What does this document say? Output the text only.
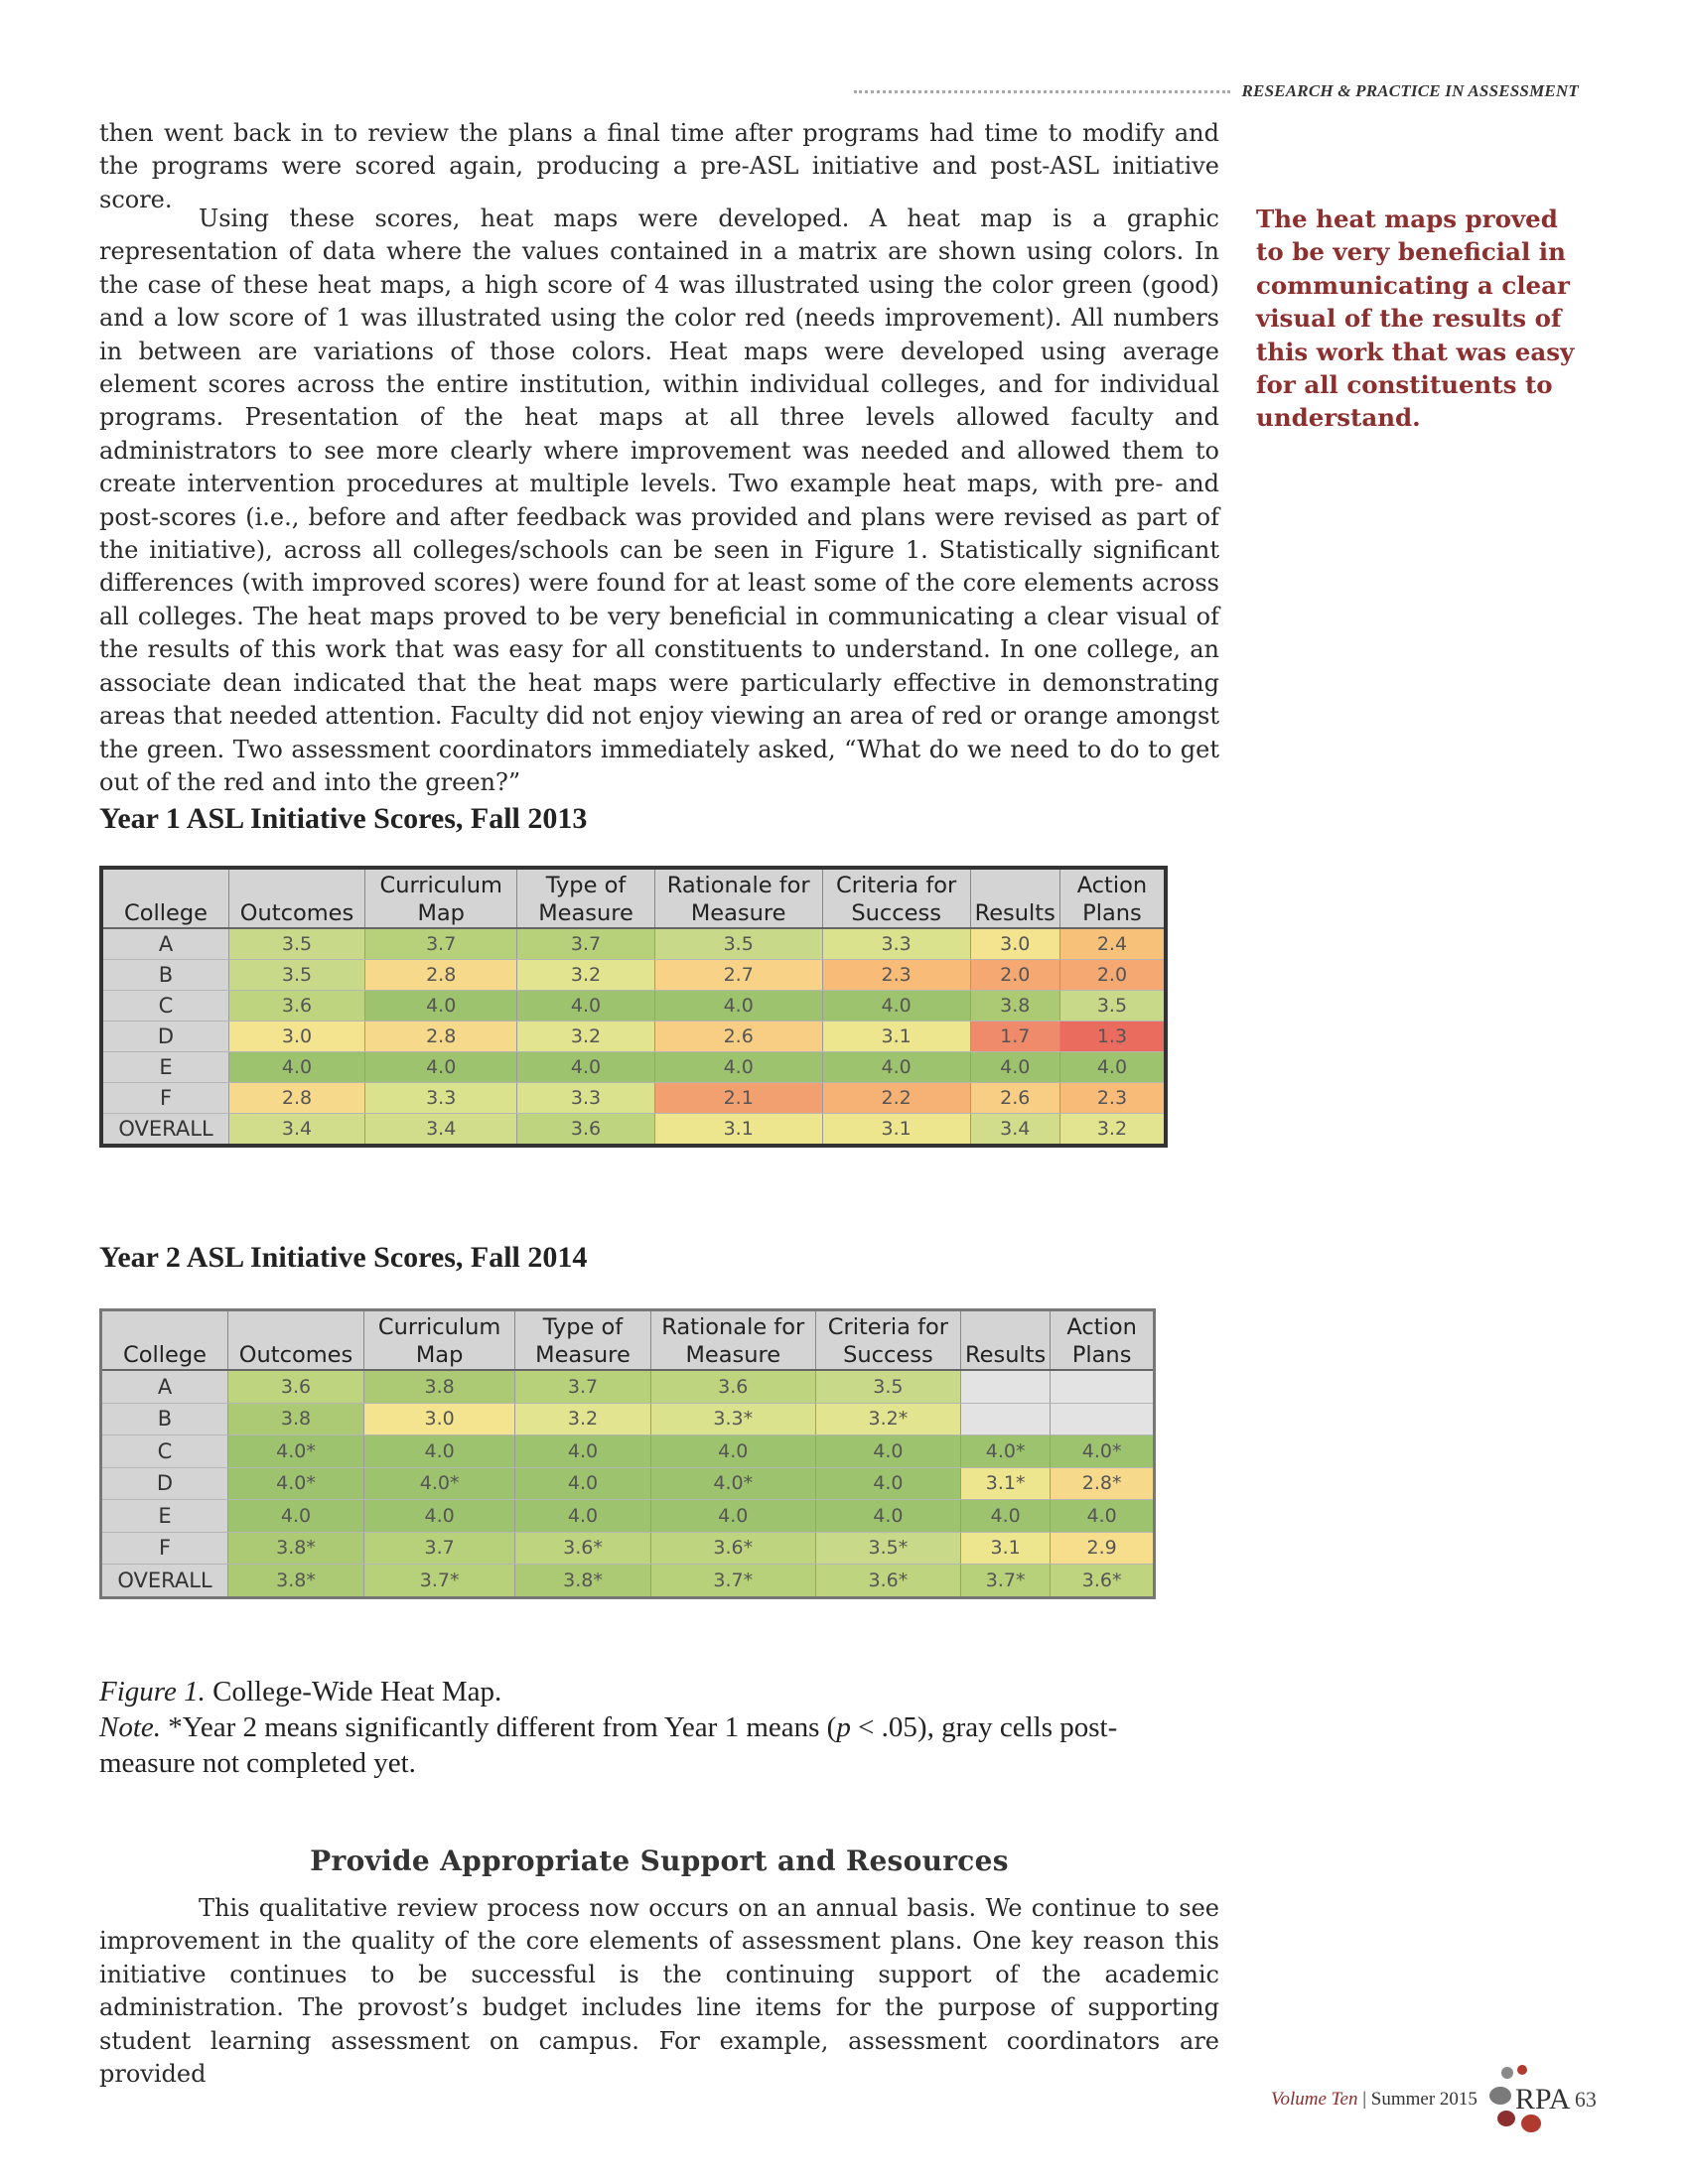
RESEARCH & PRACTICE IN ASSESSMENT

then went back in to review the plans a final time after programs had time to modify and the programs were scored again, producing a pre-ASL initiative and post-ASL initiative score.

Using these scores, heat maps were developed. A heat map is a graphic representation of data where the values contained in a matrix are shown using colors. In the case of these heat maps, a high score of 4 was illustrated using the color green (good) and a low score of 1 was illustrated using the color red (needs improvement). All numbers in between are variations of those colors. Heat maps were developed using average element scores across the entire institution, within individual colleges, and for individual programs. Presentation of the heat maps at all three levels allowed faculty and administrators to see more clearly where improvement was needed and allowed them to create intervention procedures at multiple levels. Two example heat maps, with pre- and post-scores (i.e., before and after feedback was provided and plans were revised as part of the initiative), across all colleges/schools can be seen in Figure 1. Statistically significant differences (with improved scores) were found for at least some of the core elements across all colleges. The heat maps proved to be very beneficial in communicating a clear visual of the results of this work that was easy for all constituents to understand. In one college, an associate dean indicated that the heat maps were particularly effective in demonstrating areas that needed attention. Faculty did not enjoy viewing an area of red or orange amongst the green. Two assessment coordinators immediately asked, “What do we need to do to get out of the red and into the green?”

The heat maps proved to be very beneficial in communicating a clear visual of the results of this work that was easy for all constituents to understand.

Year 1 ASL Initiative Scores, Fall 2013
College	Outcomes	Curriculum Map	Type of Measure	Rationale for Measure	Criteria for Success	Results	Action Plans
A	3.5	3.7	3.7	3.5	3.3	3.0	2.4
B	3.5	2.8	3.2	2.7	2.3	2.0	2.0
C	3.6	4.0	4.0	4.0	4.0	3.8	3.5
D	3.0	2.8	3.2	2.6	3.1	1.7	1.3
E	4.0	4.0	4.0	4.0	4.0	4.0	4.0
F	2.8	3.3	3.3	2.1	2.2	2.6	2.3
OVERALL	3.4	3.4	3.6	3.1	3.1	3.4	3.2
Year 2 ASL Initiative Scores, Fall 2014
College	Outcomes	Curriculum Map	Type of Measure	Rationale for Measure	Criteria for Success	Results	Action Plans
A	3.6	3.8	3.7	3.6	3.5		
B	3.8	3.0	3.2	3.3*	3.2*		
C	4.0*	4.0	4.0	4.0	4.0	4.0*	4.0*
D	4.0*	4.0*	4.0	4.0*	4.0	3.1*	2.8*
E	4.0	4.0	4.0	4.0	4.0	4.0	4.0
F	3.8*	3.7	3.6*	3.6*	3.5*	3.1	2.9
OVERALL	3.8*	3.7*	3.8*	3.7*	3.6*	3.7*	3.6*

Figure 1. College-Wide Heat Map.

Note. *Year 2 means significantly different from Year 1 means (p < .05), gray cells post-measure not completed yet.

Provide Appropriate Support and Resources

This qualitative review process now occurs on an annual basis. We continue to see improvement in the quality of the core elements of assessment plans. One key reason this initiative continues to be successful is the continuing support of the academic administration. The provost’s budget includes line items for the purpose of supporting student learning assessment on campus. For example, assessment coordinators are provided

Volume Ten | Summer 2015 RPA 63
